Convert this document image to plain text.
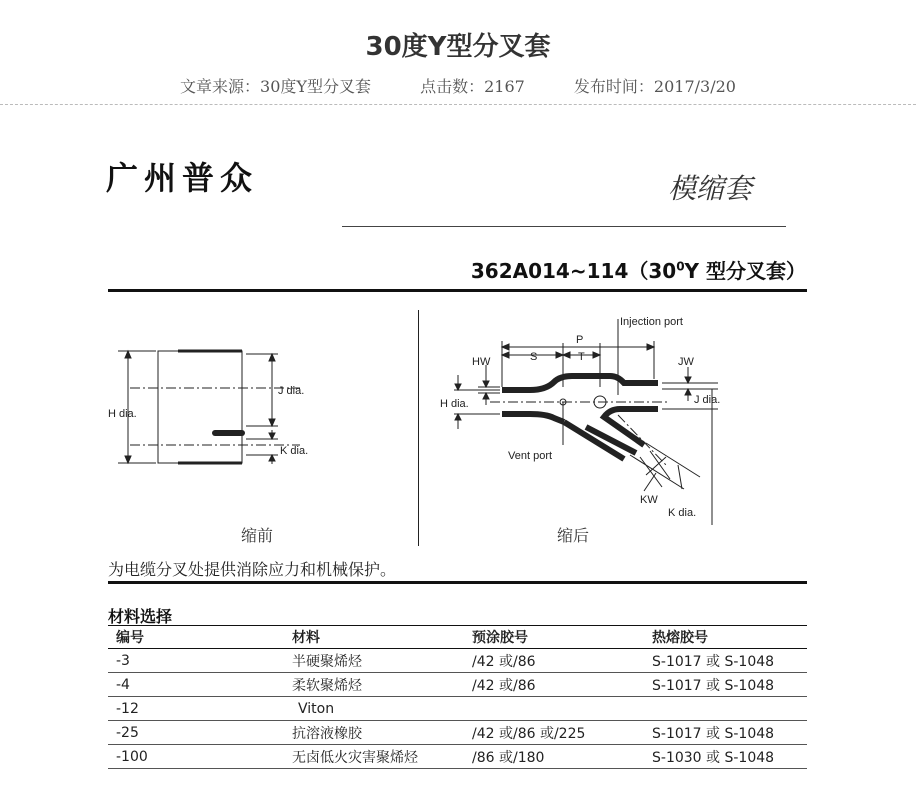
30度Y型分叉套
文章来源：30度Y型分叉套	点击数：2167	发布时间：2017/3/20
广州普众	模缩套
$362A014\sim 114(30^0Y$ 型分叉套）
H dia.
J dia.
K dia.
缩前
Injection port
P
S	T
HW	JW
H dia.	J dia.
Vent port
KW
K dia.
缩后
为电缆分叉处提供消除应力和机械保护。
材料选择
编号	材料	预涂胶号	热熔胶号
-3	半硬聚烯烃	/42 或/86	S-1017 或 S-1048
-4	柔软聚烯烃	/42 或/86	S-1017 或 S-1048
-12	Viton		
-25	抗溶液橡胶	/42 或/86 或/225	S-1017 或 S-1048
-100	无卤低火灾害聚烯烃	/86 或/180	S-1030 或 S-1048
